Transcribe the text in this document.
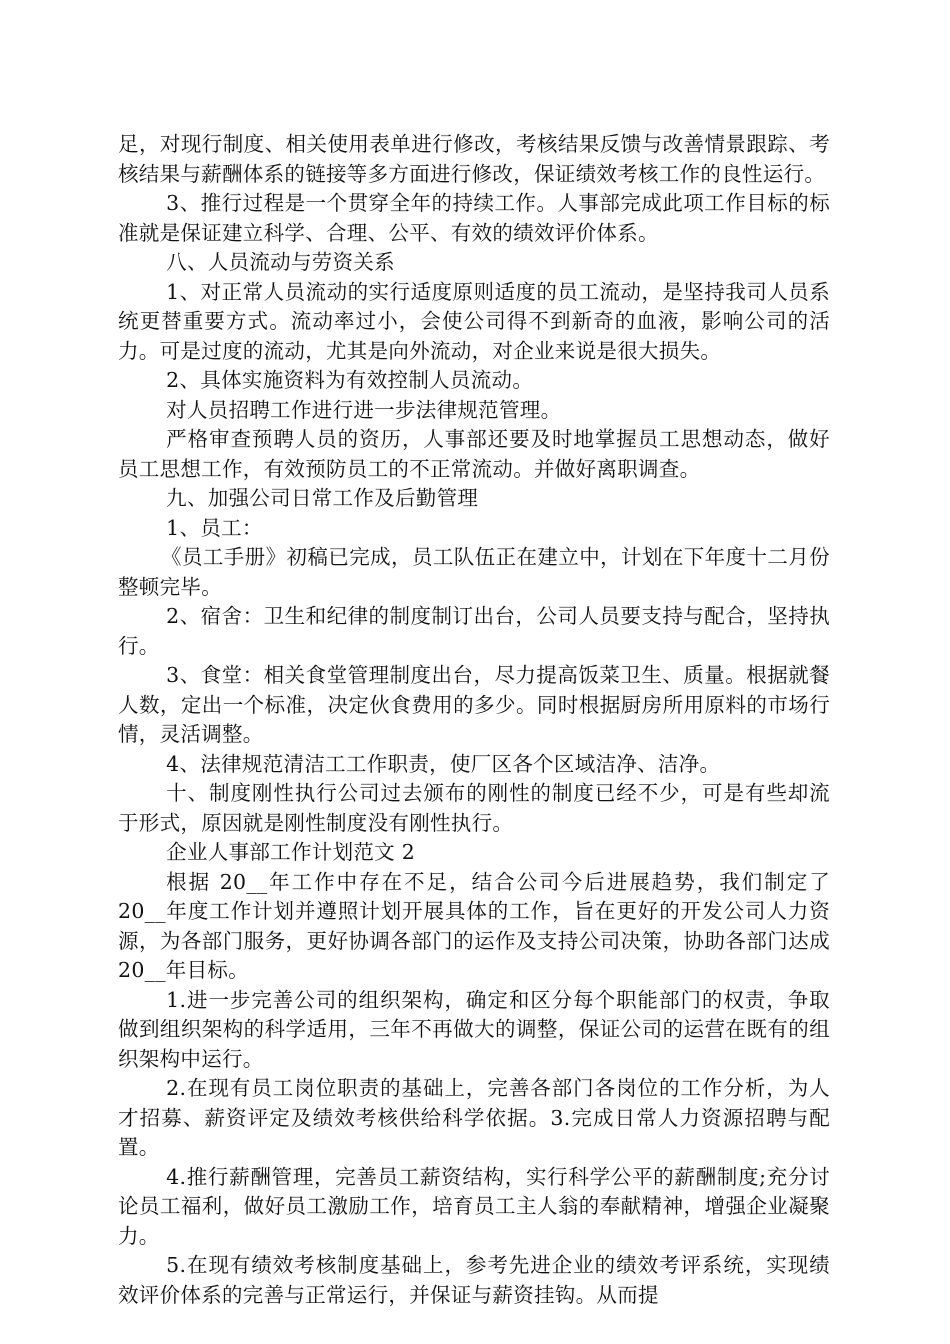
足，对现行制度、相关使用表单进行修改，考核结果反馈与改善情景跟踪、考核结果与薪酬体系的链接等多方面进行修改，保证绩效考核工作的良性运行。

3、推行过程是一个贯穿全年的持续工作。人事部完成此项工作目标的标准就是保证建立科学、合理、公平、有效的绩效评价体系。

八、人员流动与劳资关系

1、对正常人员流动的实行适度原则适度的员工流动，是坚持我司人员系统更替重要方式。流动率过小，会使公司得不到新奇的血液，影响公司的活力。可是过度的流动，尤其是向外流动，对企业来说是很大损失。

2、具体实施资料为有效控制人员流动。

对人员招聘工作进行进一步法律规范管理。

严格审查预聘人员的资历，人事部还要及时地掌握员工思想动态，做好员工思想工作，有效预防员工的不正常流动。并做好离职调查。

九、加强公司日常工作及后勤管理

1、员工：

《员工手册》初稿已完成，员工队伍正在建立中，计划在下年度十二月份整顿完毕。

2、宿舍：卫生和纪律的制度制订出台，公司人员要支持与配合，坚持执行。

3、食堂：相关食堂管理制度出台，尽力提高饭菜卫生、质量。根据就餐人数，定出一个标准，决定伙食费用的多少。同时根据厨房所用原料的市场行情，灵活调整。

4、法律规范清洁工工作职责，使厂区各个区域洁净、洁净。

十、制度刚性执行公司过去颁布的刚性的制度已经不少，可是有些却流于形式，原因就是刚性制度没有刚性执行。

企业人事部工作计划范文 2

根据 20__年工作中存在不足，结合公司今后进展趋势，我们制定了 20__年度工作计划并遵照计划开展具体的工作，旨在更好的开发公司人力资源，为各部门服务，更好协调各部门的运作及支持公司决策，协助各部门达成 20__年目标。

1.进一步完善公司的组织架构，确定和区分每个职能部门的权责，争取做到组织架构的科学适用，三年不再做大的调整，保证公司的运营在既有的组织架构中运行。

2.在现有员工岗位职责的基础上，完善各部门各岗位的工作分析，为人才招募、薪资评定及绩效考核供给科学依据。3.完成日常人力资源招聘与配置。

4.推行薪酬管理，完善员工薪资结构，实行科学公平的薪酬制度;充分讨论员工福利，做好员工激励工作，培育员工主人翁的奉献精神，增强企业凝聚力。

5.在现有绩效考核制度基础上，参考先进企业的绩效考评系统，实现绩效评价体系的完善与正常运行，并保证与薪资挂钩。从而提
